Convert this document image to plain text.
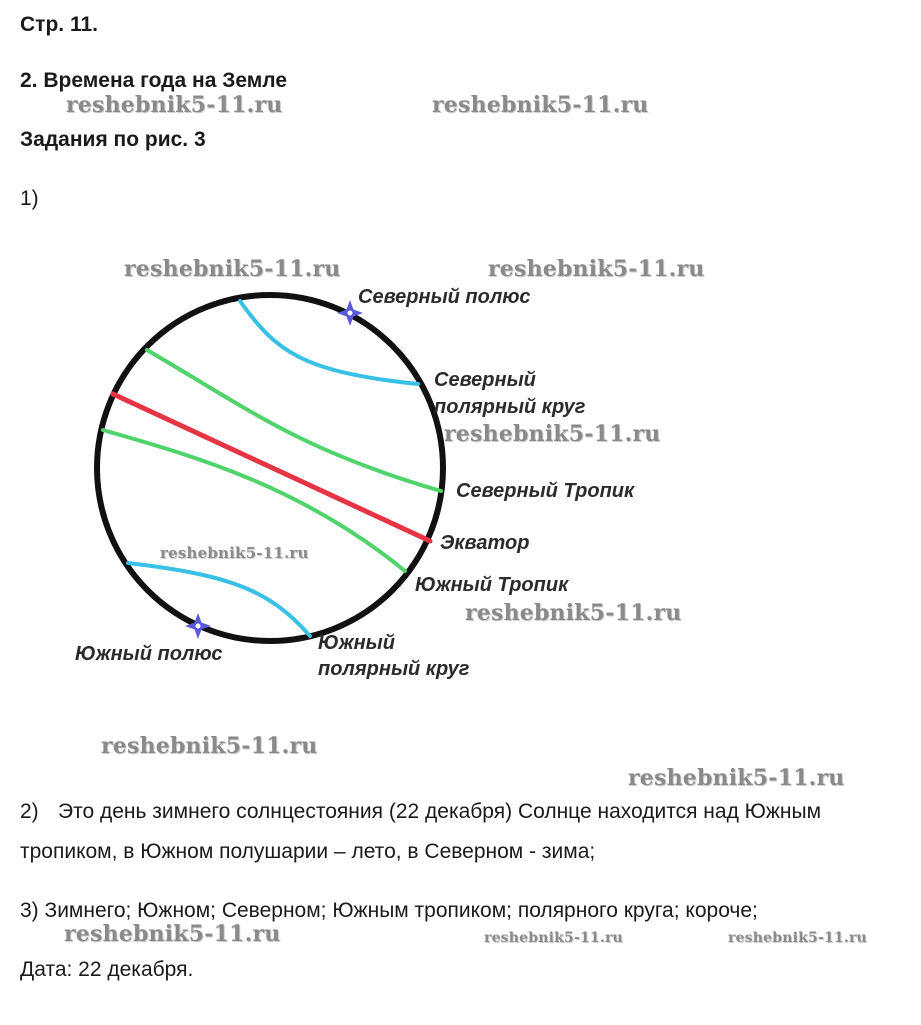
Стр. 11.
2. Времена года на Земле
Задания по рис. 3
1)
Северный полюс
Северный
полярный круг
Северный Тропик
Экватор
Южный Тропик
Южный
полярный круг
Южный полюс
2) Это день зимнего солнцестояния (22 декабря) Солнце находится над Южным
тропиком, в Южном полушарии – лето, в Северном - зима;
3) Зимнего; Южном; Северном; Южным тропиком; полярного круга; короче;
Дата: 22 декабря.
reshebnik5-11.ru	reshebnik5-11.ru
reshebnik5-11.ru	reshebnik5-11.ru
reshebnik5-11.ru
reshebnik5-11.ru
reshebnik5-11.ru
reshebnik5-11.ru
reshebnik5-11.ru
reshebnik5-11.ru	reshebnik5-11.ru	reshebnik5-11.ru
